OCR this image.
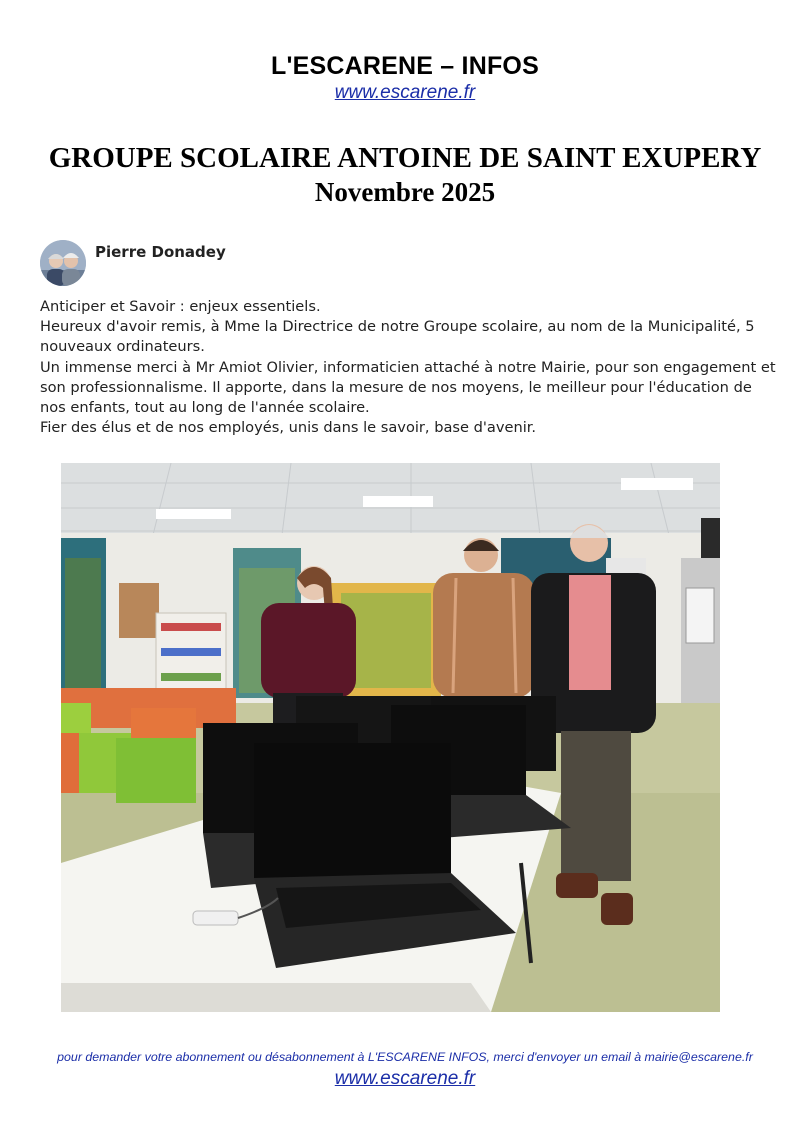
L'ESCARENE – INFOS
www.escarene.fr
GROUPE SCOLAIRE ANTOINE DE SAINT EXUPERY
Novembre 2025
Pierre Donadey

Anticiper et Savoir : enjeux essentiels.

Heureux d'avoir remis, à Mme la Directrice de notre Groupe scolaire, au nom de la Municipalité, 5 nouveaux ordinateurs.

Un immense merci à Mr Amiot Olivier, informaticien attaché à notre Mairie, pour son engagement et son professionnalisme. Il apporte, dans la mesure de nos moyens, le meilleur pour l'éducation de nos enfants, tout au long de l'année scolaire.

Fier des élus et de nos employés, unis dans le savoir, base d'avenir.

pour demander votre abonnement ou désabonnement à L'ESCARENE INFOS, merci d'envoyer un email à mairie@escarene.fr
www.escarene.fr
